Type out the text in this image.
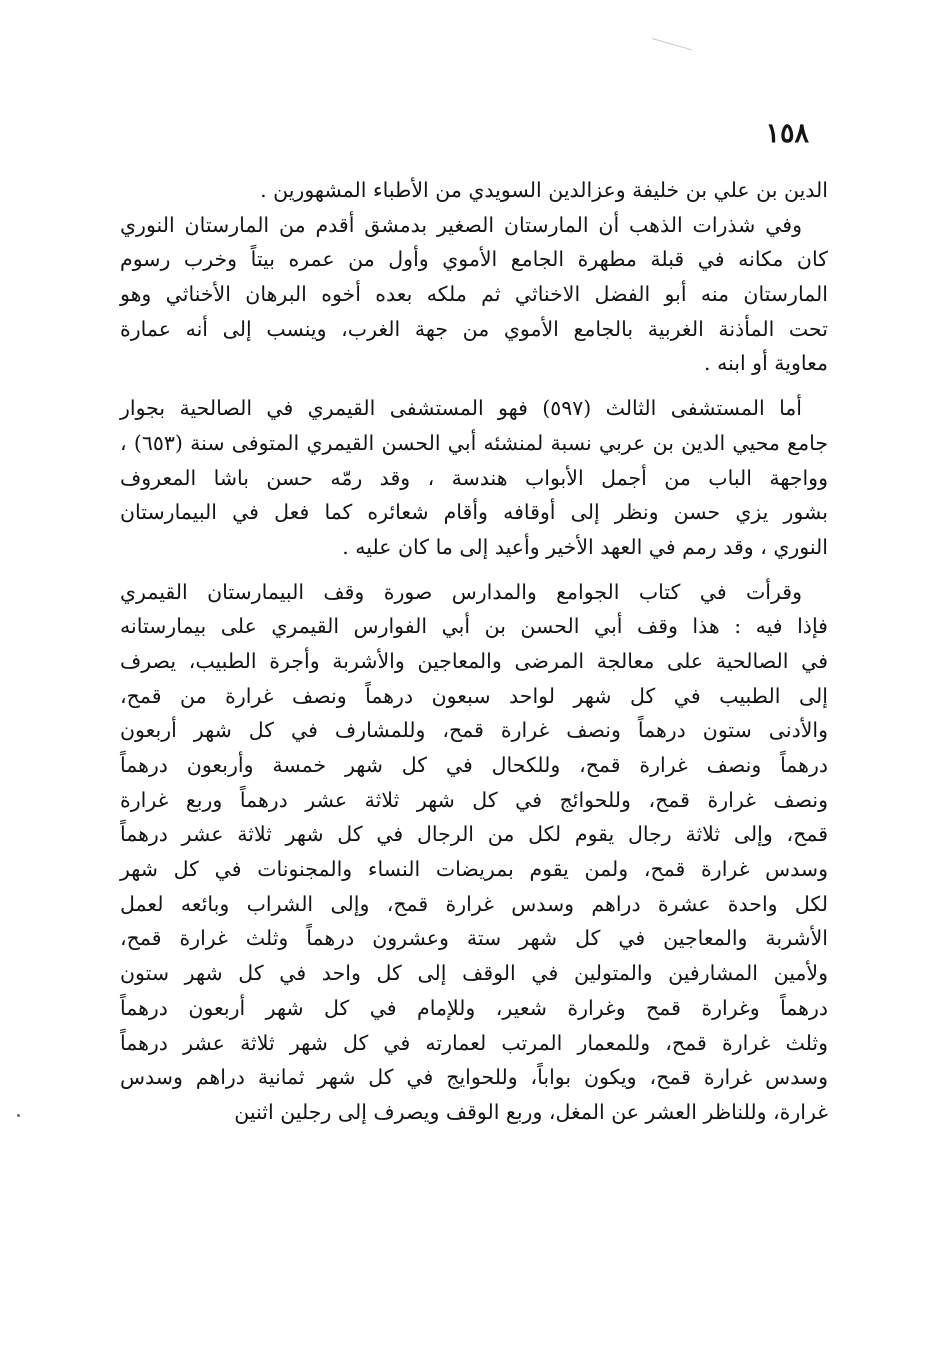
١٥٨
الدين بن علي بن خليفة وعزالدين السويدي من الأطباء المشهورين .
وفي شذرات الذهب أن المارستان الصغير بدمشق أقدم من المارستان النوري
كان مكانه في قبلة مطهرة الجامع الأموي وأول من عمره بيتاً وخرب رسوم
المارستان منه أبو الفضل الاخناثي ثم ملكه بعده أخوه البرهان الأخناثي وهو
تحت المأذنة الغربية بالجامع الأموي من جهة الغرب، وينسب إلى أنه عمارة
معاوية أو ابنه .
أما المستشفى الثالث (٥٩٧) فهو المستشفى القيمري في الصالحية بجوار
جامع محيي الدين بن عربي نسبة لمنشئه أبي الحسن القيمري المتوفى سنة (٦٥٣) ،
وواجهة الباب من أجمل الأبواب هندسة ، وقد رمّه حسن باشا المعروف
بشور يزي حسن ونظر إلى أوقافه وأقام شعائره كما فعل في البيمارستان
النوري ، وقد رمم في العهد الأخير وأعيد إلى ما كان عليه .
وقرأت في كتاب الجوامع والمدارس صورة وقف البيمارستان القيمري
فإذا فيه : هذا وقف أبي الحسن بن أبي الفوارس القيمري على بيمارستانه
في الصالحية على معالجة المرضى والمعاجين والأشربة وأجرة الطبيب، يصرف
إلى الطبيب في كل شهر لواحد سبعون درهماً ونصف غرارة من قمح،
والأدنى ستون درهماً ونصف غرارة قمح، وللمشارف في كل شهر أربعون
درهماً ونصف غرارة قمح، وللكحال في كل شهر خمسة وأربعون درهماً
ونصف غرارة قمح، وللحوائج في كل شهر ثلاثة عشر درهماً وربع غرارة
قمح، وإلى ثلاثة رجال يقوم لكل من الرجال في كل شهر ثلاثة عشر درهماً
وسدس غرارة قمح، ولمن يقوم بمريضات النساء والمجنونات في كل شهر
لكل واحدة عشرة دراهم وسدس غرارة قمح، وإلى الشراب وبائعه لعمل
الأشربة والمعاجين في كل شهر ستة وعشرون درهماً وثلث غرارة قمح،
ولأمين المشارفين والمتولين في الوقف إلى كل واحد في كل شهر ستون
درهماً وغرارة قمح وغرارة شعير، وللإمام في كل شهر أربعون درهماً
وثلث غرارة قمح، وللمعمار المرتب لعمارته في كل شهر ثلاثة عشر درهماً
وسدس غرارة قمح، ويكون بواباً، وللحوايج في كل شهر ثمانية دراهم وسدس
غرارة، وللناظر العشر عن المغل، وربع الوقف ويصرف إلى رجلين اثنين
